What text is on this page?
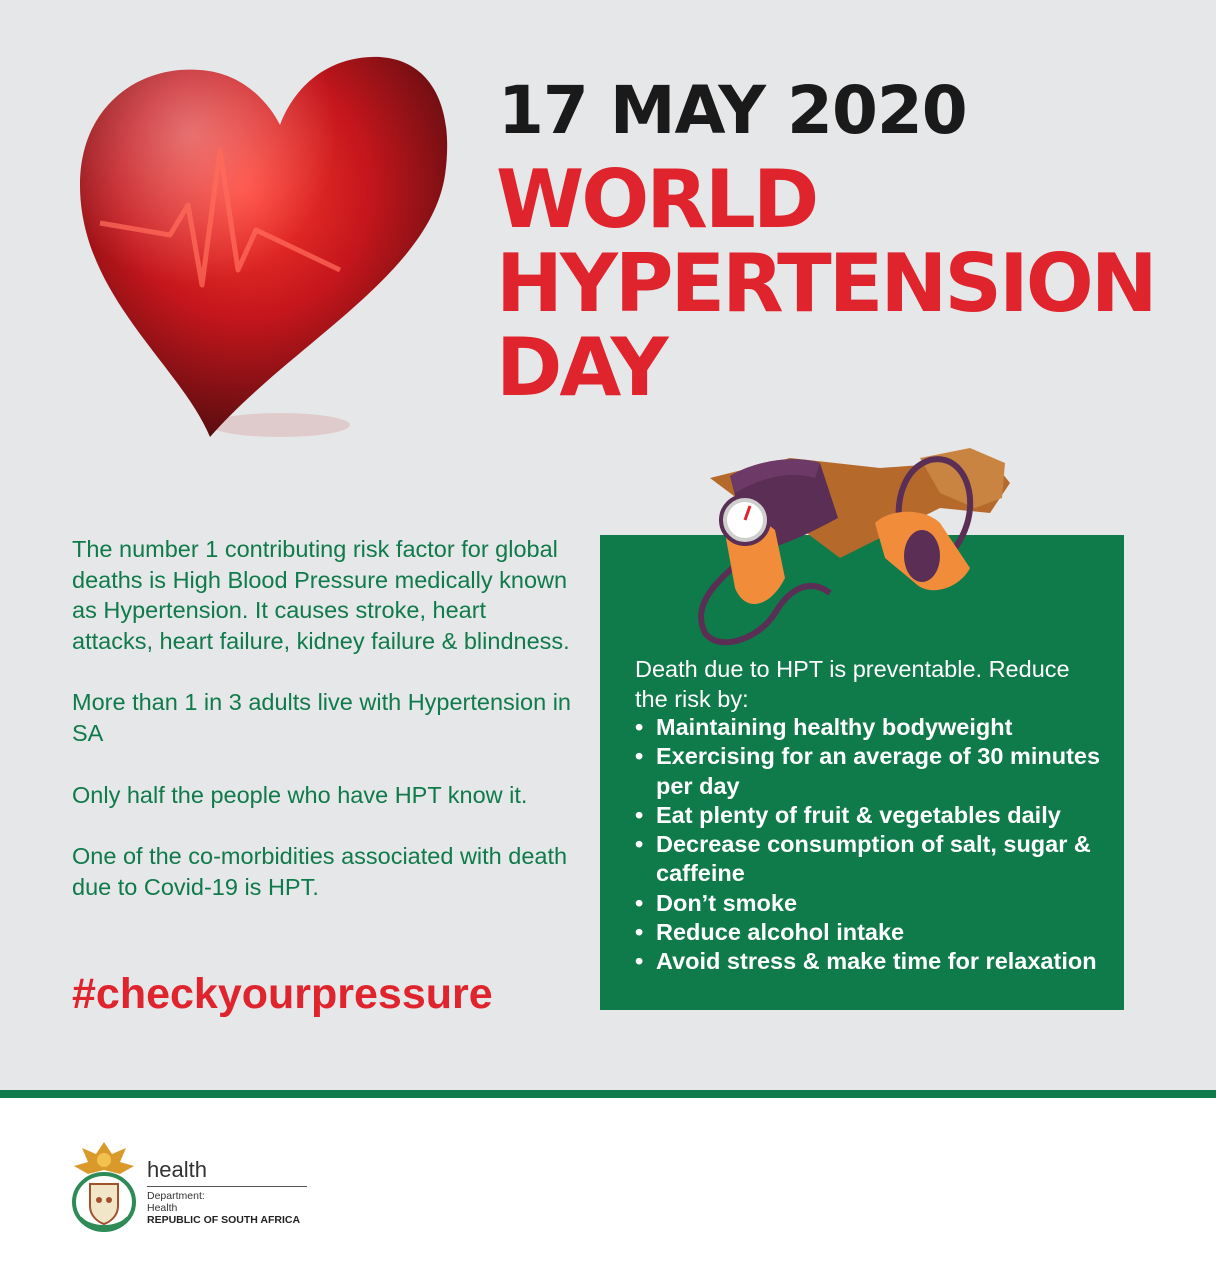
17 MAY 2020
WORLD
HYPERTENSION
DAY

The number 1 contributing risk factor for global deaths is High Blood Pressure medically known as Hypertension. It causes stroke, heart attacks, heart failure, kidney failure & blindness.

More than 1 in 3 adults live with Hypertension in SA

Only half the people who have HPT know it.

One of the co-morbidities associated with death due to Covid-19 is HPT.

#checkyourpressure
Death due to HPT is preventable. Reduce the risk by:
• Maintaining healthy bodyweight
• Exercising for an average of 30 minutes per day
• Eat plenty of fruit & vegetables daily
• Decrease consumption of salt, sugar & caffeine
• Don’t smoke
• Reduce alcohol intake
• Avoid stress & make time for relaxation
health
Department:
Health
REPUBLIC OF SOUTH AFRICA
